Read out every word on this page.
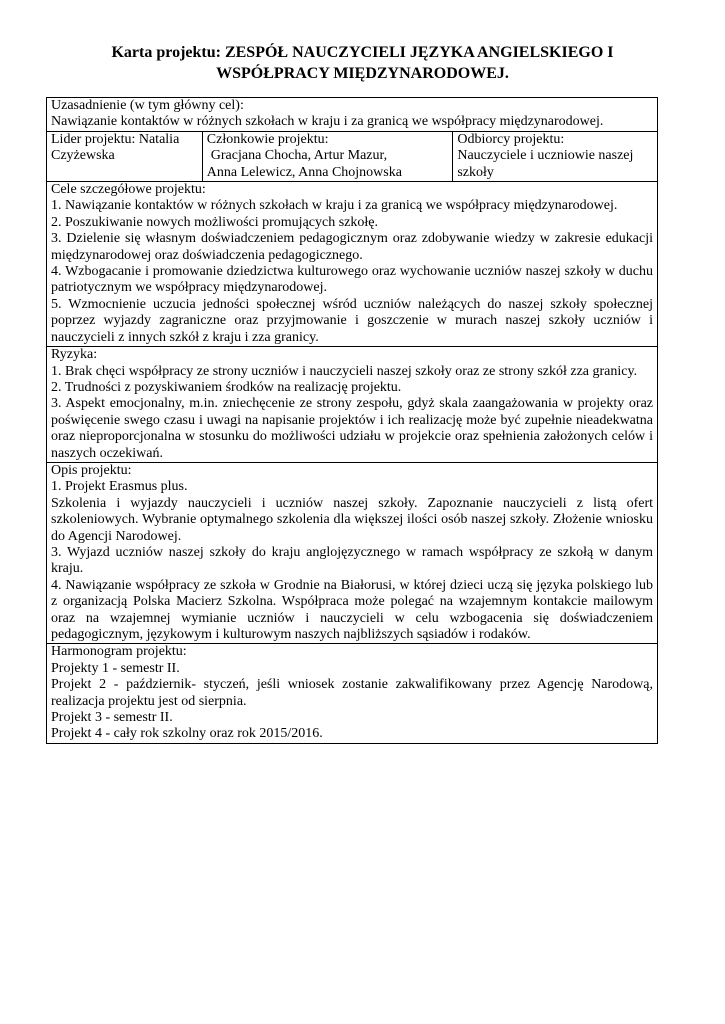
Karta projektu: ZESPÓŁ NAUCZYCIELI JĘZYKA ANGIELSKIEGO I
WSPÓŁPRACY MIĘDZYNARODOWEJ.
Uzasadnienie (w tym główny cel):
Nawiązanie kontaktów w różnych szkołach w kraju i za granicą we współpracy międzynarodowej.

Lider projektu: Natalia
Czyżewska

Członkowie projektu:
Gracjana Chocha, Artur Mazur,
Anna Lelewicz, Anna Chojnowska

Odbiorcy projektu:
Nauczyciele i uczniowie naszej
szkoły

Cele szczegółowe projektu:
1. Nawiązanie kontaktów w różnych szkołach w kraju i za granicą we współpracy międzynarodowej.
2. Poszukiwanie nowych możliwości promujących szkołę.
3. Dzielenie się własnym doświadczeniem pedagogicznym oraz zdobywanie wiedzy w zakresie edukacji międzynarodowej oraz doświadczenia pedagogicznego.
4. Wzbogacanie i promowanie dziedzictwa kulturowego oraz wychowanie uczniów naszej szkoły w duchu patriotycznym we współpracy międzynarodowej.
5. Wzmocnienie uczucia jedności społecznej wśród uczniów należących do naszej szkoły społecznej poprzez wyjazdy zagraniczne oraz przyjmowanie i goszczenie w murach naszej szkoły uczniów i nauczycieli z innych szkół z kraju i zza granicy.

Ryzyka:
1. Brak chęci współpracy ze strony uczniów i nauczycieli naszej szkoły oraz ze strony szkół zza granicy.
2. Trudności z pozyskiwaniem środków na realizację projektu.
3. Aspekt emocjonalny, m.in. zniechęcenie ze strony zespołu, gdyż skala zaangażowania w projekty oraz poświęcenie swego czasu i uwagi na napisanie projektów i ich realizację może być zupełnie nieadekwatna oraz nieproporcjonalna w stosunku do możliwości udziału w projekcie oraz spełnienia założonych celów i naszych oczekiwań.

Opis projektu:
1. Projekt Erasmus plus.
Szkolenia i wyjazdy nauczycieli i uczniów naszej szkoły. Zapoznanie nauczycieli z listą ofert szkoleniowych. Wybranie optymalnego szkolenia dla większej ilości osób naszej szkoły. Złożenie wniosku do Agencji Narodowej.
3. Wyjazd uczniów naszej szkoły do kraju anglojęzycznego w ramach współpracy ze szkołą w danym kraju.
4. Nawiązanie współpracy ze szkoła w Grodnie na Białorusi, w której dzieci uczą się języka polskiego lub z organizacją Polska Macierz Szkolna. Współpraca może polegać na wzajemnym kontakcie mailowym oraz na wzajemnej wymianie uczniów i nauczycieli w celu wzbogacenia się doświadczeniem pedagogicznym, językowym i kulturowym naszych najbliższych sąsiadów i rodaków.

Harmonogram projektu:
Projekty 1 - semestr II.
Projekt 2 - październik- styczeń, jeśli wniosek zostanie zakwalifikowany przez Agencję Narodową, realizacja projektu jest od sierpnia.
Projekt 3 - semestr II.
Projekt 4 - cały rok szkolny oraz rok 2015/2016.
